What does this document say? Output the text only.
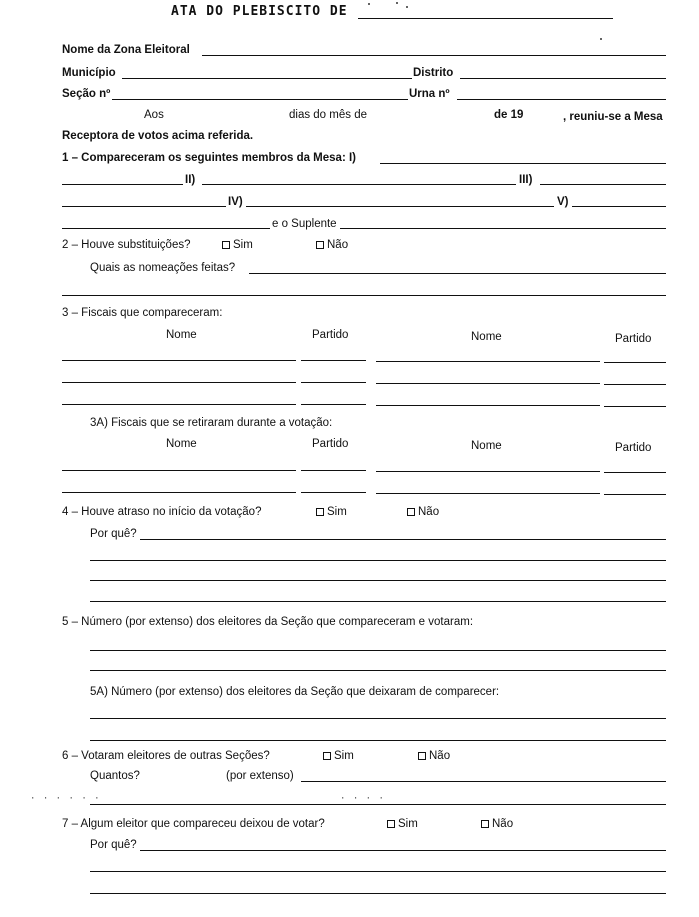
ATA DO PLEBISCITO DE
Nome da Zona Eleitoral
Município	Distrito
Seção nº	Urna nº
Aos	dias do mês de	de 19	, reuniu-se a Mesa
Receptora de votos acima referida.
1 – Compareceram os seguintes membros da Mesa: I)
II)	III)
IV)	V)
e o Suplente
2 – Houve substituições?	Sim	Não
Quais as nomeações feitas?
3 – Fiscais que compareceram:
Nome	Partido	Nome	Partido
3A) Fiscais que se retiraram durante a votação:
Nome	Partido	Nome	Partido
4 – Houve atraso no início da votação?	Sim	Não
Por quê?
5 – Número (por extenso) dos eleitores da Seção que compareceram e votaram:
5A) Número (por extenso) dos eleitores da Seção que deixaram de comparecer:
6 – Votaram eleitores de outras Seções?	Sim	Não
Quantos?	(por extenso)
· · · · · ·	· · · ·
7 – Algum eleitor que compareceu deixou de votar?	Sim	Não
Por quê?
